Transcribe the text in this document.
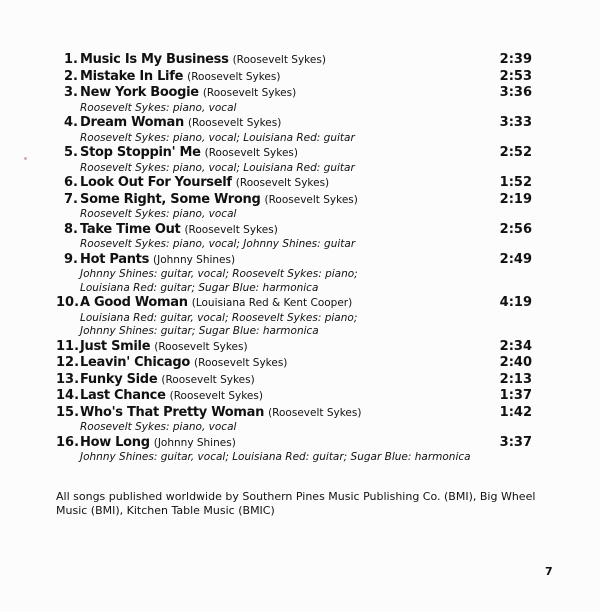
1. Music Is My Business (Roosevelt Sykes)	2:39
2. Mistake In Life (Roosevelt Sykes)	2:53
3. New York Boogie (Roosevelt Sykes)	3:36
Roosevelt Sykes: piano, vocal
4. Dream Woman (Roosevelt Sykes)	3:33
Roosevelt Sykes: piano, vocal; Louisiana Red: guitar
5. Stop Stoppin' Me (Roosevelt Sykes)	2:52
Roosevelt Sykes: piano, vocal; Louisiana Red: guitar
6. Look Out For Yourself (Roosevelt Sykes)	1:52
7. Some Right, Some Wrong (Roosevelt Sykes)	2:19
Roosevelt Sykes: piano, vocal
8. Take Time Out (Roosevelt Sykes)	2:56
Roosevelt Sykes: piano, vocal; Johnny Shines: guitar
9. Hot Pants (Johnny Shines)	2:49
Johnny Shines: guitar, vocal; Roosevelt Sykes: piano;
Louisiana Red: guitar; Sugar Blue: harmonica
10. A Good Woman (Louisiana Red & Kent Cooper)	4:19
Louisiana Red: guitar, vocal; Roosevelt Sykes: piano;
Johnny Shines: guitar; Sugar Blue: harmonica
11. Just Smile (Roosevelt Sykes)	2:34
12. Leavin' Chicago (Roosevelt Sykes)	2:40
13. Funky Side (Roosevelt Sykes)	2:13
14. Last Chance (Roosevelt Sykes)	1:37
15. Who's That Pretty Woman (Roosevelt Sykes)	1:42
Roosevelt Sykes: piano, vocal
16. How Long (Johnny Shines)	3:37
Johnny Shines: guitar, vocal; Louisiana Red: guitar; Sugar Blue: harmonica
All songs published worldwide by Southern Pines Music Publishing Co. (BMI), Big Wheel Music (BMI), Kitchen Table Music (BMIC)
7
